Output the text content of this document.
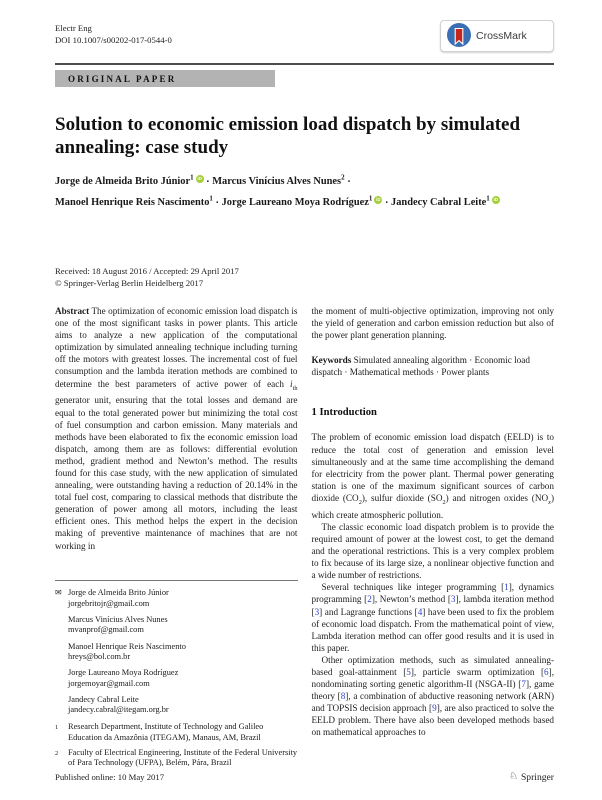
Electr Eng
DOI 10.1007/s00202-017-0544-0	CrossMark
ORIGINAL PAPER
Solution to economic emission load dispatch by simulated annealing: case study
Jorge de Almeida Brito Júnior$^1$ iD · Marcus Vinícius Alves Nunes$^2$ ·
Manoel Henrique Reis Nascimento$^1$ · Jorge Laureano Moya Rodríguez$^1$ iD · Jandecy Cabral Leite$^1$ iD
Received: 18 August 2016 / Accepted: 29 April 2017
© Springer-Verlag Berlin Heidelberg 2017

Abstract The optimization of economic emission load dispatch is one of the most significant tasks in power plants. This article aims to analyze a new application of the computational optimization by simulated annealing technique including turning off the motors with greatest losses. The incremental cost of fuel consumption and the lambda iteration methods are combined to determine the best parameters of active power of each $i_{th}$ generator unit, ensuring that the total losses and demand are equal to the total generated power but minimizing the total cost of fuel consumption and carbon emission. Many materials and methods have been elaborated to fix the economic emission load dispatch, among them are as follows: differential evolution method, gradient method and Newton’s method. The results found for this case study, with the new application of simulated annealing, were outstanding having a reduction of 20.14% in the total fuel cost, comparing to classical methods that distribute the generation of power among all motors, including the least efficient ones. This method helps the expert in the decision making of preventive maintenance of machines that are not working in

✉ Jorge de Almeida Brito Júnior
jorgebritojr@gmail.com
Marcus Vinícius Alves Nunes
mvanprof@gmail.com
Manoel Henrique Reis Nascimento
hreys@bol.com.br
Jorge Laureano Moya Rodríguez
jorgemoyar@gmail.com
Jandecy Cabral Leite
jandecy.cabral@itegam.org.br
1	Research Department, Institute of Technology and Galileo Education da Amazônia (ITEGAM), Manaus, AM, Brazil
2	Faculty of Electrical Engineering, Institute of the Federal University of Para Technology (UFPA), Belém, Pára, Brazil

the moment of multi-objective optimization, improving not only the yield of generation and carbon emission reduction but also of the power plant generation planning.

Keywords Simulated annealing algorithm · Economic load dispatch · Mathematical methods · Power plants

1 Introduction

The problem of economic emission load dispatch (EELD) is to reduce the total cost of generation and emission level simultaneously and at the same time accomplishing the demand for electricity from the power plant. Thermal power generating station is one of the maximum significant sources of carbon dioxide $(CO_2)$, sulfur dioxide $(SO_2)$ and nitrogen oxides $(NO_x)$ which create atmospheric pollution.

The classic economic load dispatch problem is to provide the required amount of power at the lowest cost, to get the demand and the operational restrictions. This is a very complex problem to fix because of its large size, a nonlinear objective function and a wide number of restrictions.

Several techniques like integer programming [1], dynamics programming [2], Newton’s method [3], lambda iteration method [3] and Lagrange functions [4] have been used to fix the problem of economic load dispatch. From the mathematical point of view, Lambda iteration method can offer good results and it is used in this paper.

Other optimization methods, such as simulated annealing-based goal-attainment [5], particle swarm optimization [6], nondominating sorting genetic algorithm-II (NSGA-II) [7], game theory [8], a combination of abductive reasoning network (ARN) and TOPSIS decision approach [9], are also practiced to solve the EELD problem. There have also been developed methods based on mathematical approaches to

Published online: 10 May 2017	♘ Springer
